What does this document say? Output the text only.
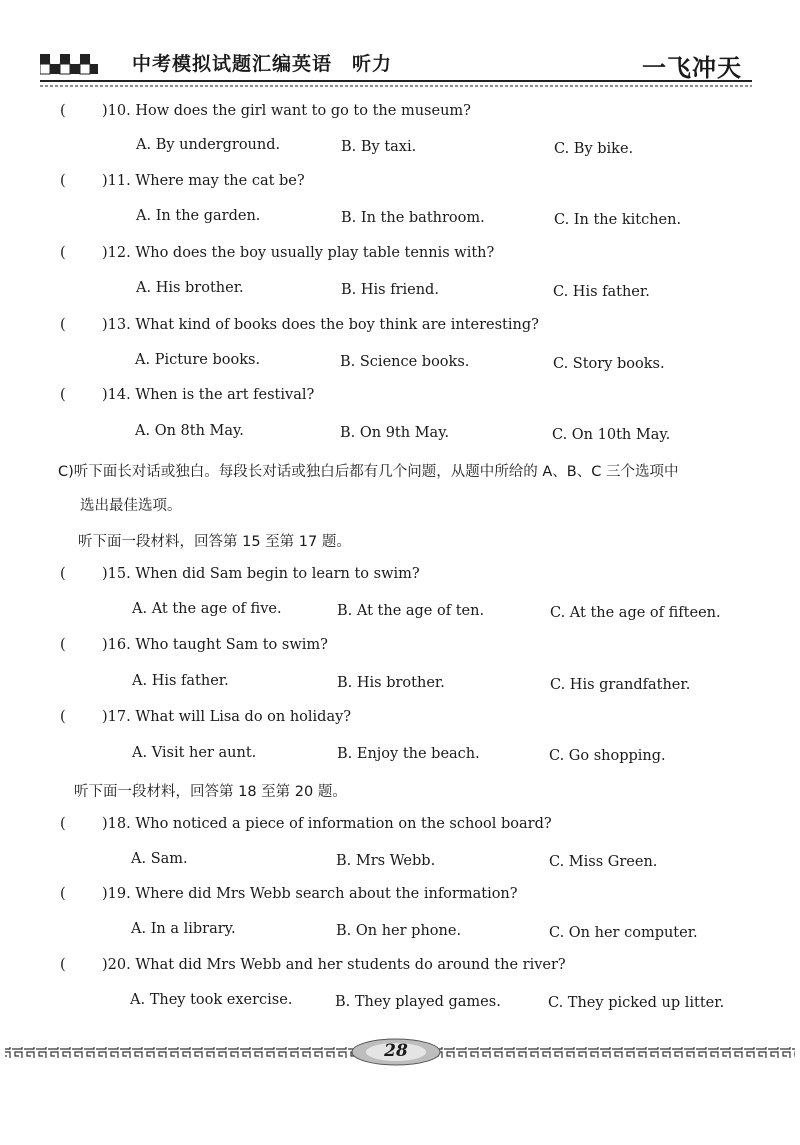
中考模拟试题汇编英语　听力	一飞冲天
(	)10. How does the girl want to go to the museum?
A. By underground.	B. By taxi.	C. By bike.
(	)11. Where may the cat be?
A. In the garden.	B. In the bathroom.	C. In the kitchen.
(	)12. Who does the boy usually play table tennis with?
A. His brother.	B. His friend.	C. His father.
(	)13. What kind of books does the boy think are interesting?
A. Picture books.	B. Science books.	C. Story books.
(	)14. When is the art festival?
A. On 8th May.	B. On 9th May.	C. On 10th May.
C)听下面长对话或独白。每段长对话或独白后都有几个问题，从题中所给的 A、B、C 三个选项中
选出最佳选项。
听下面一段材料，回答第 15 至第 17 题。
(	)15. When did Sam begin to learn to swim?
A. At the age of five.	B. At the age of ten.	C. At the age of fifteen.
(	)16. Who taught Sam to swim?
A. His father.	B. His brother.	C. His grandfather.
(	)17. What will Lisa do on holiday?
A. Visit her aunt.	B. Enjoy the beach.	C. Go shopping.
听下面一段材料，回答第 18 至第 20 题。
(	)18. Who noticed a piece of information on the school board?
A. Sam.	B. Mrs Webb.	C. Miss Green.
(	)19. Where did Mrs Webb search about the information?
A. In a library.	B. On her phone.	C. On her computer.
(	)20. What did Mrs Webb and her students do around the river?
A. They took exercise.	B. They played games.	C. They picked up litter.
28
